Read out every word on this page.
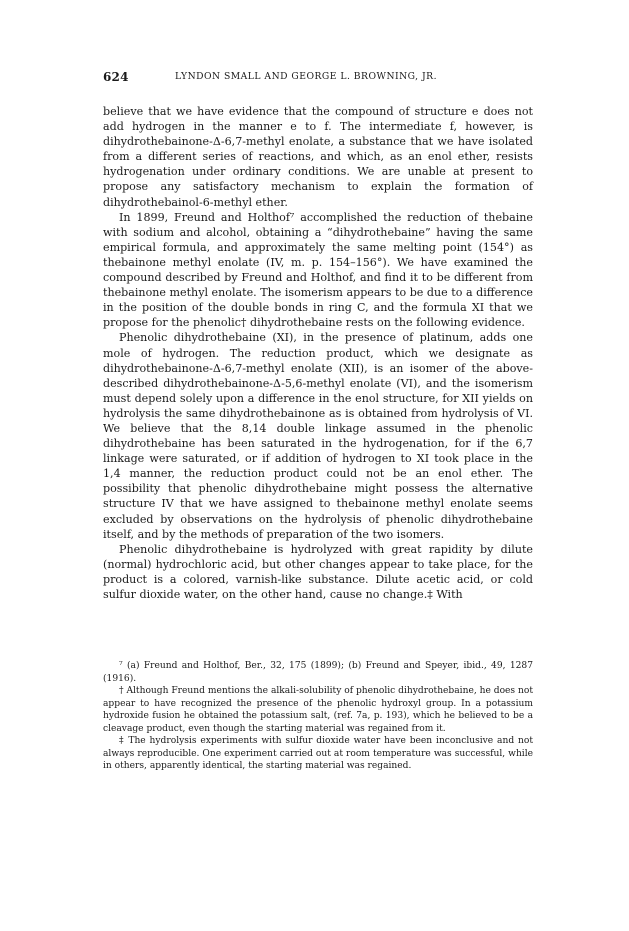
624	LYNDON SMALL AND GEORGE L. BROWNING, JR.

believe that we have evidence that the compound of structure e does not add hydrogen in the manner e to f. The intermediate f, however, is dihydrothebainone-Δ-6,7-methyl enolate, a substance that we have isolated from a different series of reactions, and which, as an enol ether, resists hydrogenation under ordinary conditions. We are unable at present to propose any satisfactory mechanism to explain the formation of dihydrothebainol-6-methyl ether.

In 1899, Freund and Holthof⁷ accomplished the reduction of thebaine with sodium and alcohol, obtaining a “dihydrothebaine” having the same empirical formula, and approximately the same melting point (154°) as thebainone methyl enolate (IV, m. p. 154–156°). We have examined the compound described by Freund and Holthof, and find it to be different from thebainone methyl enolate. The isomerism appears to be due to a difference in the position of the double bonds in ring C, and the formula XI that we propose for the phenolic† dihydrothebaine rests on the following evidence.

Phenolic dihydrothebaine (XI), in the presence of platinum, adds one mole of hydrogen. The reduction product, which we designate as dihydrothebainone-Δ-6,7-methyl enolate (XII), is an isomer of the above-described dihydrothebainone-Δ-5,6-methyl enolate (VI), and the isomerism must depend solely upon a difference in the enol structure, for XII yields on hydrolysis the same dihydrothebainone as is obtained from hydrolysis of VI. We believe that the 8,14 double linkage assumed in the phenolic dihydrothebaine has been saturated in the hydrogenation, for if the 6,7 linkage were saturated, or if addition of hydrogen to XI took place in the 1,4 manner, the reduction product could not be an enol ether. The possibility that phenolic dihydrothebaine might possess the alternative structure IV that we have assigned to thebainone methyl enolate seems excluded by observations on the hydrolysis of phenolic dihydrothebaine itself, and by the methods of preparation of the two isomers.

Phenolic dihydrothebaine is hydrolyzed with great rapidity by dilute (normal) hydrochloric acid, but other changes appear to take place, for the product is a colored, varnish-like substance. Dilute acetic acid, or cold sulfur dioxide water, on the other hand, cause no change.‡ With

⁷ (a) Freund and Holthof, Ber., 32, 175 (1899); (b) Freund and Speyer, ibid., 49, 1287 (1916).

† Although Freund mentions the alkali-solubility of phenolic dihydrothebaine, he does not appear to have recognized the presence of the phenolic hydroxyl group. In a potassium hydroxide fusion he obtained the potassium salt, (ref. 7a, p. 193), which he believed to be a cleavage product, even though the starting material was regained from it.

‡ The hydrolysis experiments with sulfur dioxide water have been inconclusive and not always reproducible. One experiment carried out at room temperature was successful, while in others, apparently identical, the starting material was regained.
